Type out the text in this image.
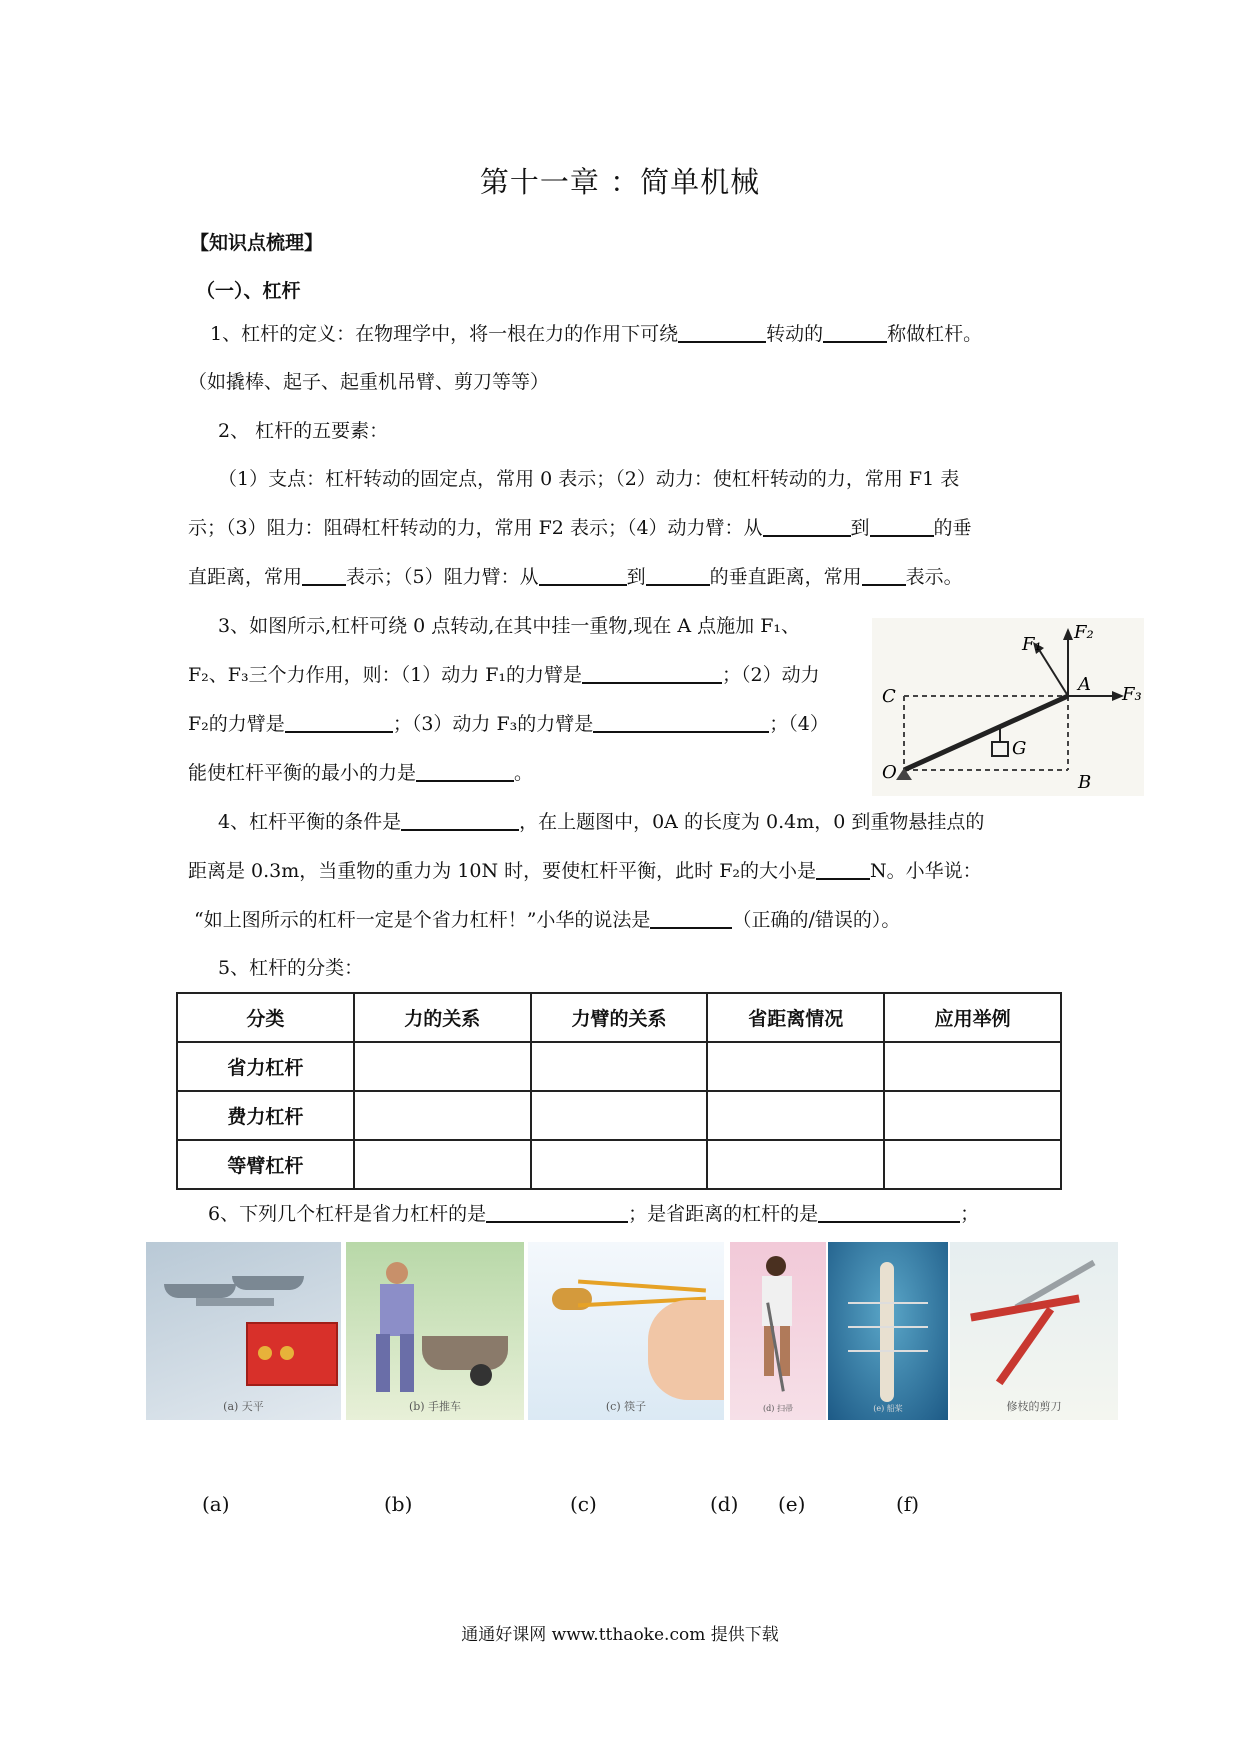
第十一章 ：简单机械
【知识点梳理】
（一）、杠杆
1、杠杆的定义：在物理学中，将一根在力的作用下可绕	转动的	称做杠杆。
（如撬棒、起子、起重机吊臂、剪刀等等）
2、 杠杆的五要素：
（1）支点：杠杆转动的固定点，常用 0 表示；（2）动力：使杠杆转动的力，常用 F1 表
示；（3）阻力：阻碍杠杆转动的力，常用 F2 表示；（4）动力臂：从	到	的垂
直距离，常用 表示；（5）阻力臂：从	到	的垂直距离，常用 表示。
3、如图所示,杠杆可绕 0 点转动,在其中挂一重物,现在 A 点施加 F₁、
F₂、F₃三个力作用，则：（1）动力 F₁的力臂是	；（2）动力
F₂的力臂是	；（3）动力 F₃的力臂是	；（4）
能使杠杆平衡的最小的力是	。
F₂
F₁
F₃
A
B
C
O
G
4、杠杆平衡的条件是	，在上题图中，0A 的长度为 0.4m，0 到重物悬挂点的
距离是 0.3m，当重物的重力为 10N 时，要使杠杆平衡，此时 F₂的大小是	N。小华说：
“如上图所示的杠杆一定是个省力杠杆！”小华的说法是	（正确的/错误的）。
5、杠杆的分类：
分类	力的关系	力臂的关系	省距离情况	应用举例
省力杠杆				
费力杠杆				
等臂杠杆				
6、下列几个杠杆是省力杠杆的是	；是省距离的杠杆的是	；
(a) 天平	(b) 手推车	(c) 筷子	(d) 扫帚	(e) 船桨	修枝的剪刀
(a)	(b)	(c)	(d) (e)	(f)
通通好课网 www.tthaoke.com 提供下载
